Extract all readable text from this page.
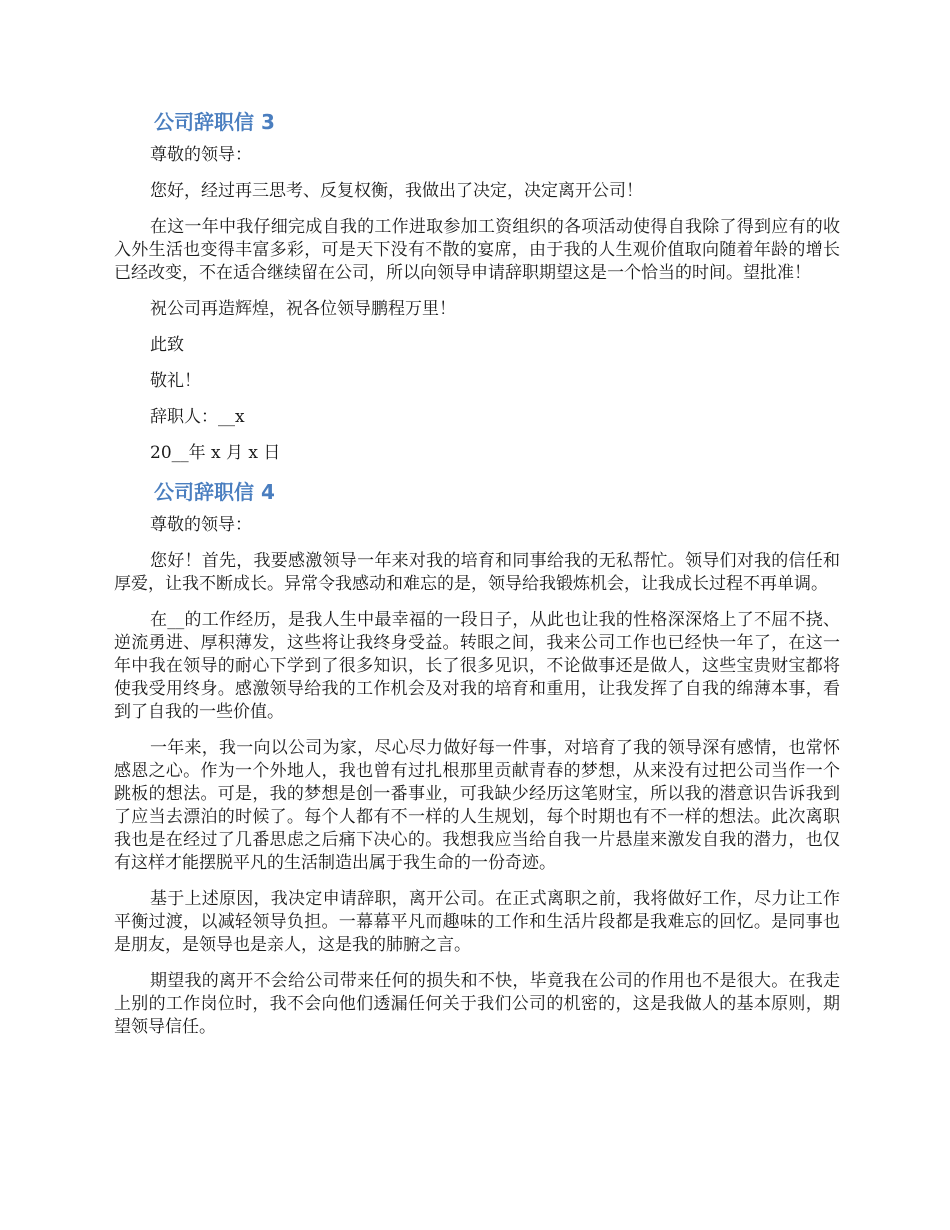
公司辞职信 3

尊敬的领导：

您好，经过再三思考、反复权衡，我做出了决定，决定离开公司！

在这一年中我仔细完成自我的工作进取参加工资组织的各项活动使得自我除了得到应有的收入外生活也变得丰富多彩，可是天下没有不散的宴席，由于我的人生观价值取向随着年龄的增长已经改变，不在适合继续留在公司，所以向领导申请辞职期望这是一个恰当的时间。望批准！

祝公司再造辉煌，祝各位领导鹏程万里！

此致

敬礼！

辞职人：__x

20__年 x 月 x 日

公司辞职信 4

尊敬的领导：

您好！首先，我要感激领导一年来对我的培育和同事给我的无私帮忙。领导们对我的信任和厚爱，让我不断成长。异常令我感动和难忘的是，领导给我锻炼机会，让我成长过程不再单调。

在__的工作经历，是我人生中最幸福的一段日子，从此也让我的性格深深烙上了不屈不挠、逆流勇进、厚积薄发，这些将让我终身受益。转眼之间，我来公司工作也已经快一年了，在这一年中我在领导的耐心下学到了很多知识，长了很多见识，不论做事还是做人，这些宝贵财宝都将使我受用终身。感激领导给我的工作机会及对我的培育和重用，让我发挥了自我的绵薄本事，看到了自我的一些价值。

一年来，我一向以公司为家，尽心尽力做好每一件事，对培育了我的领导深有感情，也常怀感恩之心。作为一个外地人，我也曾有过扎根那里贡献青春的梦想，从来没有过把公司当作一个跳板的想法。可是，我的梦想是创一番事业，可我缺少经历这笔财宝，所以我的潜意识告诉我到了应当去漂泊的时候了。每个人都有不一样的人生规划，每个时期也有不一样的想法。此次离职我也是在经过了几番思虑之后痛下决心的。我想我应当给自我一片悬崖来激发自我的潜力，也仅有这样才能摆脱平凡的生活制造出属于我生命的一份奇迹。

基于上述原因，我决定申请辞职，离开公司。在正式离职之前，我将做好工作，尽力让工作平衡过渡，以减轻领导负担。一幕幕平凡而趣味的工作和生活片段都是我难忘的回忆。是同事也是朋友，是领导也是亲人，这是我的肺腑之言。

期望我的离开不会给公司带来任何的损失和不快，毕竟我在公司的作用也不是很大。在我走上别的工作岗位时，我不会向他们透漏任何关于我们公司的机密的，这是我做人的基本原则，期望领导信任。
